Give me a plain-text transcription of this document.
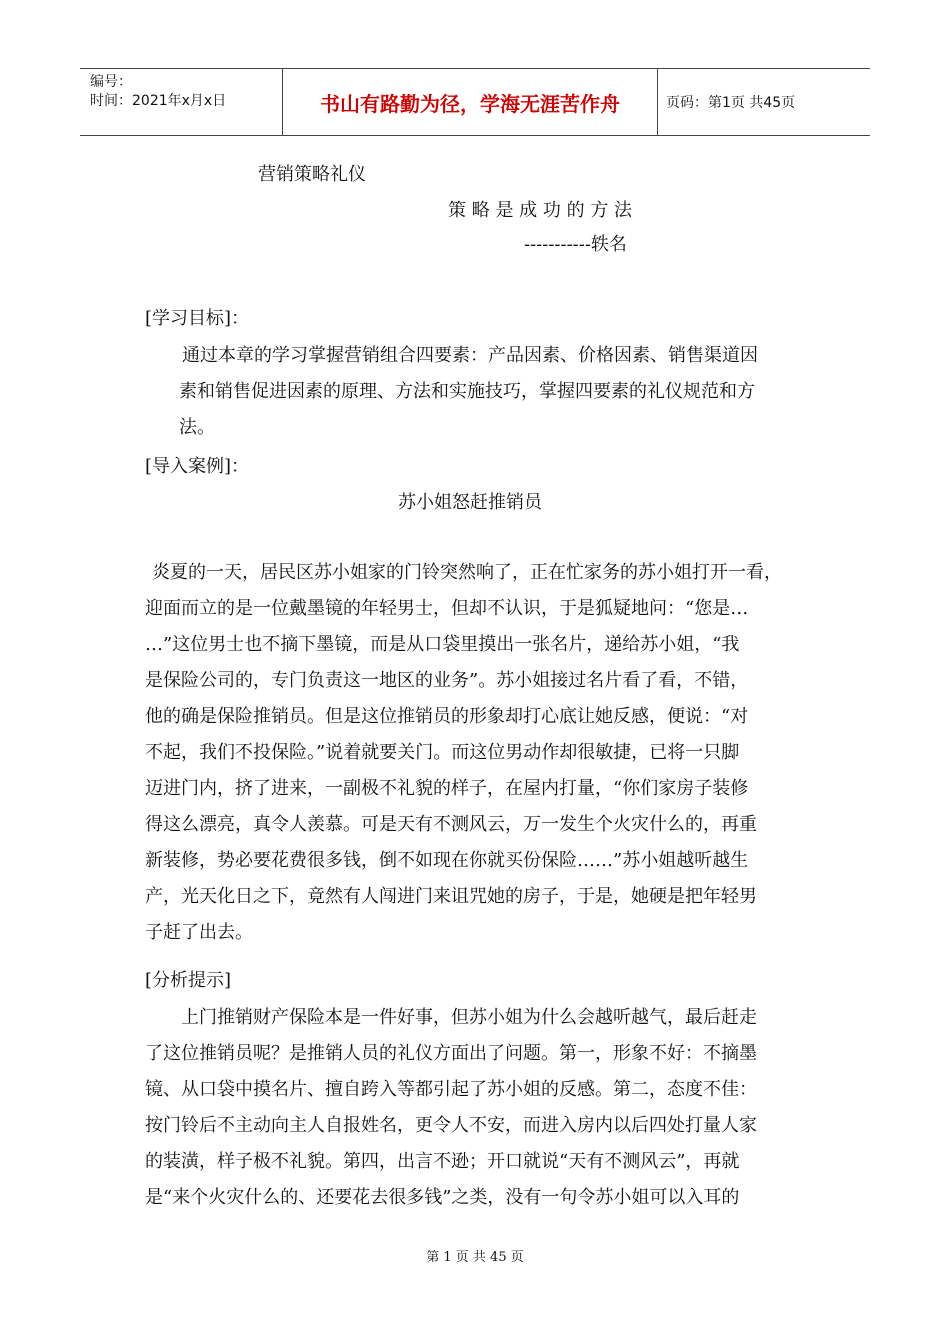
编号：
时间：2021年x月x日	书山有路勤为径，学海无涯苦作舟	页码：第1页 共45页
营销策略礼仪
策 略 是 成 功 的 方 法
-----------轶名
[学习目标]：

通过本章的学习掌握营销组合四要素：产品因素、价格因素、销售渠道因

素和销售促进因素的原理、方法和实施技巧，掌握四要素的礼仪规范和方

法。

[导入案例]：
苏小姐怒赶推销员

炎夏的一天，居民区苏小姐家的门铃突然响了，正在忙家务的苏小姐打开一看，

迎面而立的是一位戴墨镜的年轻男士，但却不认识，于是狐疑地问：“您是…

…”这位男士也不摘下墨镜，而是从口袋里摸出一张名片，递给苏小姐，“我

是保险公司的，专门负责这一地区的业务”。苏小姐接过名片看了看，不错，

他的确是保险推销员。但是这位推销员的形象却打心底让她反感，便说：“对

不起，我们不投保险。”说着就要关门。而这位男动作却很敏捷，已将一只脚

迈进门内，挤了进来，一副极不礼貌的样子，在屋内打量，“你们家房子装修

得这么漂亮，真令人羡慕。可是天有不测风云，万一发生个火灾什么的，再重

新装修，势必要花费很多钱，倒不如现在你就买份保险……”苏小姐越听越生

产，光天化日之下，竟然有人闯进门来诅咒她的房子，于是，她硬是把年轻男

子赶了出去。

[分析提示]

上门推销财产保险本是一件好事，但苏小姐为什么会越听越气，最后赶走

了这位推销员呢？是推销人员的礼仪方面出了问题。第一，形象不好：不摘墨

镜、从口袋中摸名片、擅自跨入等都引起了苏小姐的反感。第二，态度不佳：

按门铃后不主动向主人自报姓名，更令人不安，而进入房内以后四处打量人家

的装潢，样子极不礼貌。第四，出言不逊；开口就说“天有不测风云”，再就

是“来个火灾什么的、还要花去很多钱”之类，没有一句令苏小姐可以入耳的

第 1 页 共 45 页
